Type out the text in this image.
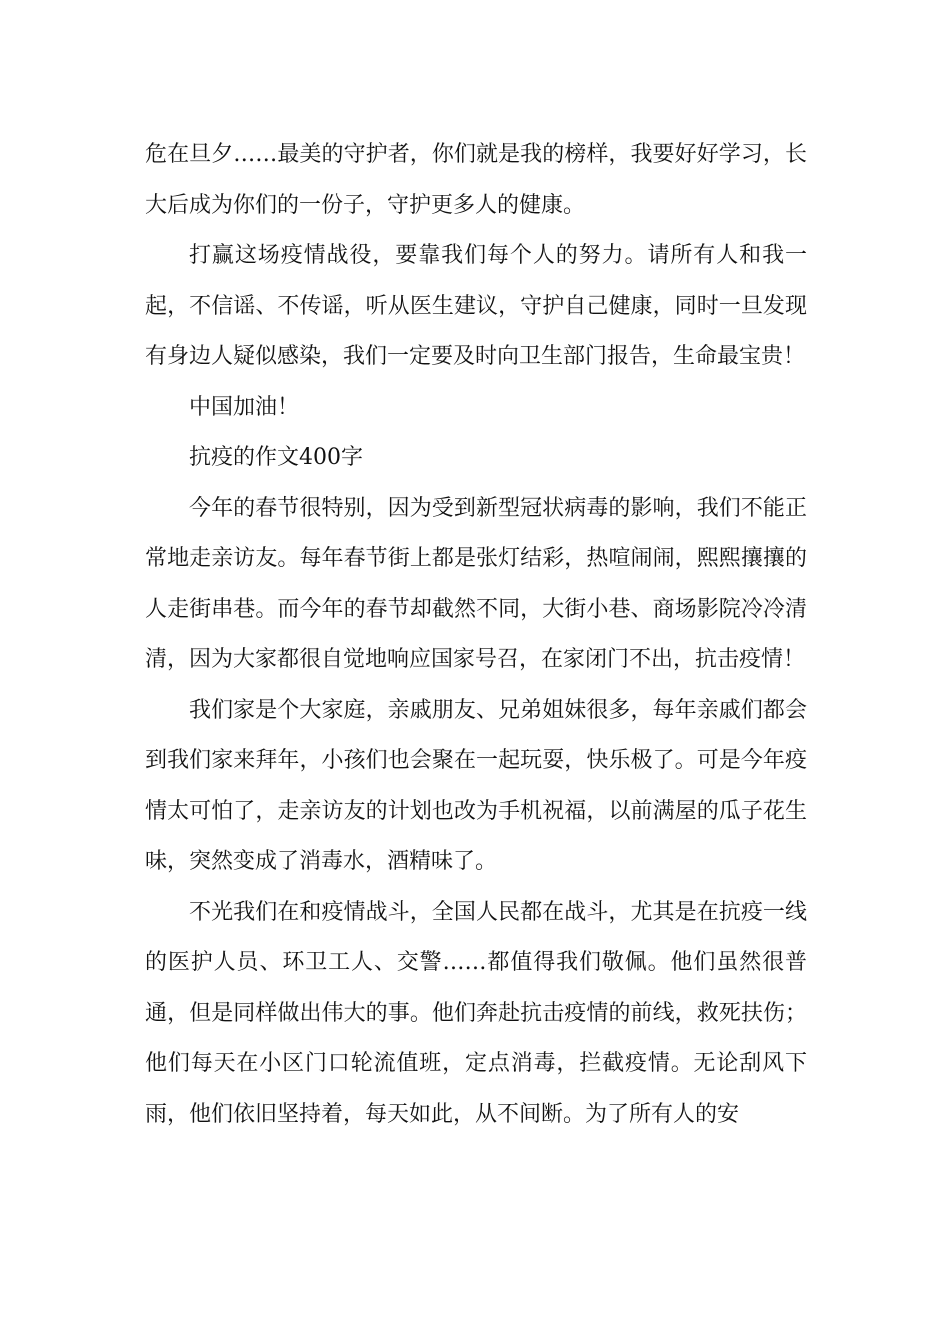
危在旦夕……最美的守护者，你们就是我的榜样，我要好好学习，长大后成为你们的一份子，守护更多人的健康。

打赢这场疫情战役，要靠我们每个人的努力。请所有人和我一起，不信谣、不传谣，听从医生建议，守护自己健康，同时一旦发现有身边人疑似感染，我们一定要及时向卫生部门报告，生命最宝贵！

中国加油！

抗疫的作文400字

今年的春节很特别，因为受到新型冠状病毒的影响，我们不能正常地走亲访友。每年春节街上都是张灯结彩，热喧闹闹，熙熙攘攘的人走街串巷。而今年的春节却截然不同，大街小巷、商场影院冷冷清清，因为大家都很自觉地响应国家号召，在家闭门不出，抗击疫情！

我们家是个大家庭，亲戚朋友、兄弟姐妹很多，每年亲戚们都会到我们家来拜年，小孩们也会聚在一起玩耍，快乐极了。可是今年疫情太可怕了，走亲访友的计划也改为手机祝福，以前满屋的瓜子花生味，突然变成了消毒水，酒精味了。

不光我们在和疫情战斗，全国人民都在战斗，尤其是在抗疫一线的医护人员、环卫工人、交警……都值得我们敬佩。他们虽然很普通，但是同样做出伟大的事。他们奔赴抗击疫情的前线，救死扶伤；他们每天在小区门口轮流值班，定点消毒，拦截疫情。无论刮风下雨，他们依旧坚持着，每天如此，从不间断。为了所有人的安
